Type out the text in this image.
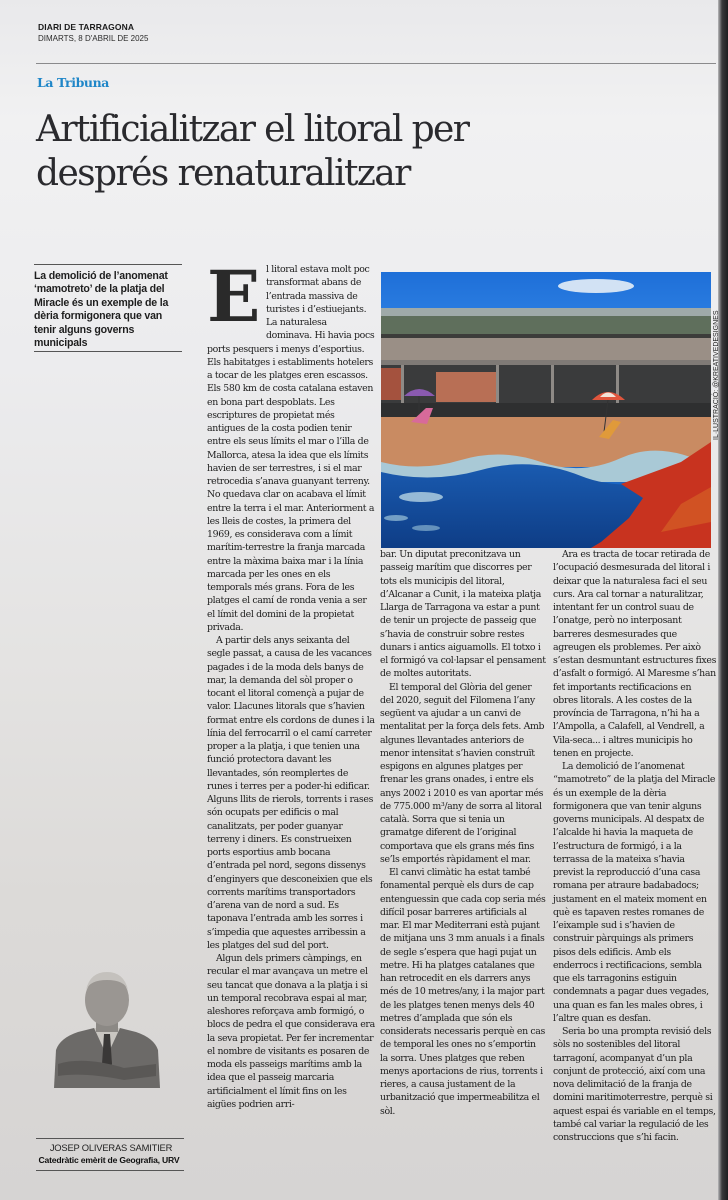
DIARI DE TARRAGONA
DIMARTS, 8 D'ABRIL DE 2025
La Tribuna
Artificialitzar el litoral per després renaturalitzar
La demolició de l’anomenat ‘mamotreto’ de la platja del Miracle és un exemple de la dèria formigonera que van tenir alguns governs municipals

El litoral estava molt poc transformat abans de l’entrada massiva de turistes i d’estiuejants. La naturalesa dominava. Hi havia pocs ports pesquers i menys d’esportius. Els habitatges i establiments hotelers a tocar de les platges eren escassos. Els 580 km de costa catalana estaven en bona part despoblats. Les escriptures de propietat més antigues de la costa podien tenir entre els seus límits el mar o l’illa de Mallorca, atesa la idea que els límits havien de ser terrestres, i si el mar retrocedia s’anava guanyant terreny. No quedava clar on acabava el límit entre la terra i el mar. Anteriorment a les lleis de costes, la primera del 1969, es considerava com a límit marítim-terrestre la franja marcada entre la màxima baixa mar i la línia marcada per les ones en els temporals més grans. Fora de les platges el camí de ronda venia a ser el límit del domini de la propietat privada.

A partir dels anys seixanta del segle passat, a causa de les vacances pagades i de la moda dels banys de mar, la demanda del sòl proper o tocant el litoral començà a pujar de valor. Llacunes litorals que s’havien format entre els cordons de dunes i la línia del ferrocarril o el camí carreter proper a la platja, i que tenien una funció protectora davant les llevantades, són reomplertes de runes i terres per a poder-hi edificar. Alguns llits de rierols, torrents i rases són ocupats per edificis o mal canalitzats, per poder guanyar terreny i diners. Es construeixen ports esportius amb bocana d’entrada pel nord, segons dissenys d’enginyers que desconeixien que els corrents marítims transportadors d’arena van de nord a sud. Es taponava l’entrada amb les sorres i s’impedia que aquestes arribessin a les platges del sud del port.

Algun dels primers càmpings, en recular el mar avançava un metre el seu tancat que donava a la platja i si un temporal recobrava espai al mar, aleshores reforçava amb formigó, o blocs de pedra el que considerava era la seva propietat. Per fer incrementar el nombre de visitants es posaren de moda els passeigs marítims amb la idea que el passeig marcaria artificialment el límit fins on les aigües podrien arri-

IL·LUSTRACIÓ: @KREATIVEDESIGNES

bar. Un diputat preconitzava un passeig marítim que discorres per tots els municipis del litoral, d’Alcanar a Cunit, i la mateixa platja Llarga de Tarragona va estar a punt de tenir un projecte de passeig que s’havia de construir sobre restes dunars i antics aiguamolls. El totxo i el formigó va col·lapsar el pensament de moltes autoritats.

El temporal del Glòria del gener del 2020, seguit del Filomena l’any següent va ajudar a un canvi de mentalitat per la força dels fets. Amb algunes llevantades anteriors de menor intensitat s’havien construït espigons en algunes platges per frenar les grans onades, i entre els anys 2002 i 2010 es van aportar més de 775.000 m³/any de sorra al litoral català. Sorra que si tenia un gramatge diferent de l’original comportava que els grans més fins se’ls emportés ràpidament el mar.

El canvi climàtic ha estat també fonamental perquè els durs de cap entenguessin que cada cop seria més difícil posar barreres artificials al mar. El mar Mediterrani està pujant de mitjana uns 3 mm anuals i a finals de segle s’espera que hagi pujat un metre. Hi ha platges catalanes que han retrocedit en els darrers anys més de 10 metres/any, i la major part de les platges tenen menys dels 40 metres d’amplada que són els considerats necessaris perquè en cas de temporal les ones no s’emportin la sorra. Unes platges que reben menys aportacions de rius, torrents i rieres, a causa justament de la urbanització que impermeabilitza el sòl.

Ara es tracta de tocar retirada de l’ocupació desmesurada del litoral i deixar que la naturalesa faci el seu curs. Ara cal tornar a naturalitzar, intentant fer un control suau de l’onatge, però no interposant barreres desmesurades que agreugen els problemes. Per això s’estan desmuntant estructures fixes d’asfalt o formigó. Al Maresme s’han fet importants rectificacions en obres litorals. A les costes de la província de Tarragona, n’hi ha a l’Ampolla, a Calafell, al Vendrell, a Vila-seca... i altres municipis ho tenen en projecte.

La demolició de l’anomenat “mamotreto” de la platja del Miracle és un exemple de la dèria formigonera que van tenir alguns governs municipals. Al despatx de l’alcalde hi havia la maqueta de l’estructura de formigó, i a la terrassa de la mateixa s’havia previst la reproducció d’una casa romana per atraure badabadocs; justament en el mateix moment en què es tapaven restes romanes de l’eixample sud i s’havien de construir pàrquings als primers pisos dels edificis. Amb els enderrocs i rectificacions, sembla que els tarragonins estiguin condemnats a pagar dues vegades, una quan es fan les males obres, i l’altre quan es desfan.

Seria bo una prompta revisió dels sòls no sostenibles del litoral tarragoní, acompanyat d’un pla conjunt de protecció, així com una nova delimitació de la franja de domini maritimoterrestre, perquè si aquest espai és variable en el temps, també cal variar la regulació de les construccions que s’hi facin.

JOSEP OLIVERAS SAMITIER
Catedràtic emèrit de Geografia, URV
